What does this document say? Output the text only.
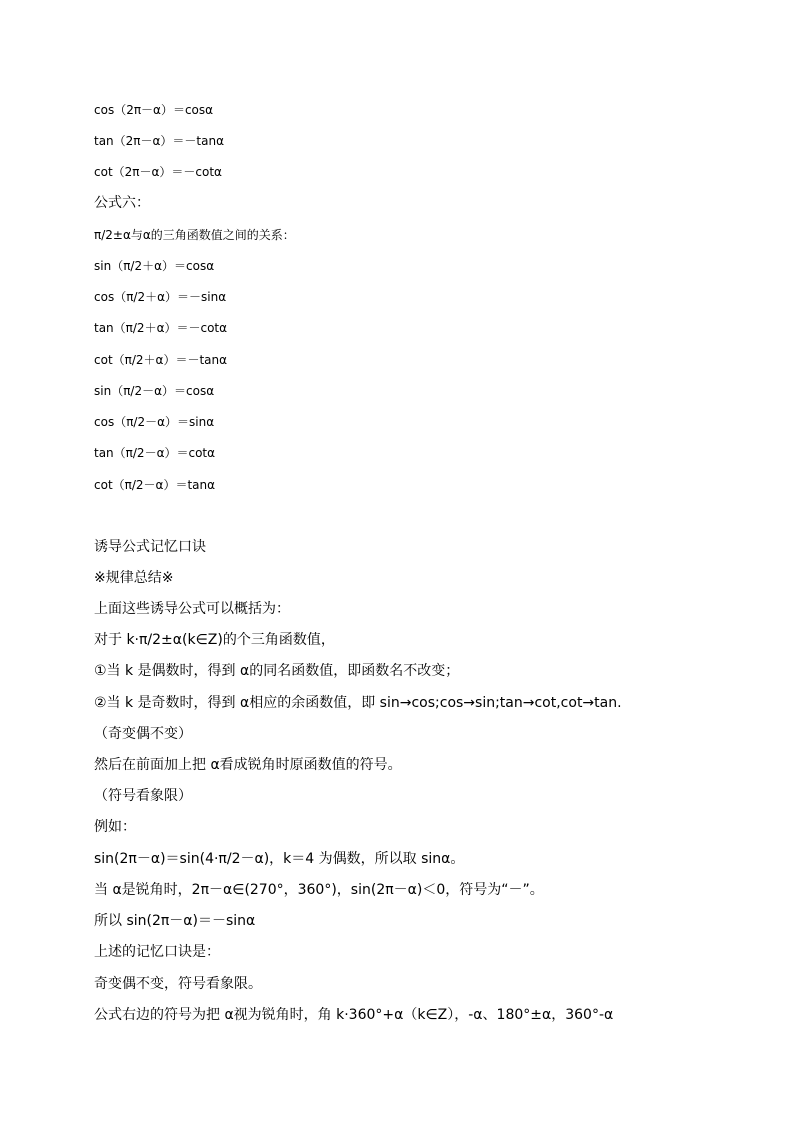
cos（2π－α）＝cosα
tan（2π－α）＝－tanα
cot（2π－α）＝－cotα
公式六：
π/2±α与α的三角函数值之间的关系：
sin（π/2＋α）＝cosα
cos（π/2＋α）＝－sinα
tan（π/2＋α）＝－cotα
cot（π/2＋α）＝－tanα
sin（π/2－α）＝cosα
cos（π/2－α）＝sinα
tan（π/2－α）＝cotα
cot（π/2－α）＝tanα
诱导公式记忆口诀
※规律总结※
上面这些诱导公式可以概括为：
对于 k·π/2±α(k∈Z)的个三角函数值，
①当 k 是偶数时，得到 α的同名函数值，即函数名不改变；
②当 k 是奇数时，得到 α相应的余函数值，即 sin→cos;cos→sin;tan→cot,cot→tan.
（奇变偶不变）
然后在前面加上把 α看成锐角时原函数值的符号。
（符号看象限）
例如：
sin(2π－α)＝sin(4·π/2－α)，k＝4 为偶数，所以取 sinα。
当 α是锐角时，2π－α∈(270°，360°)，sin(2π－α)＜0，符号为“－”。
所以 sin(2π－α)＝－sinα
上述的记忆口诀是：
奇变偶不变，符号看象限。
公式右边的符号为把 α视为锐角时，角 k·360°+α（k∈Z），-α、180°±α，360°-α
